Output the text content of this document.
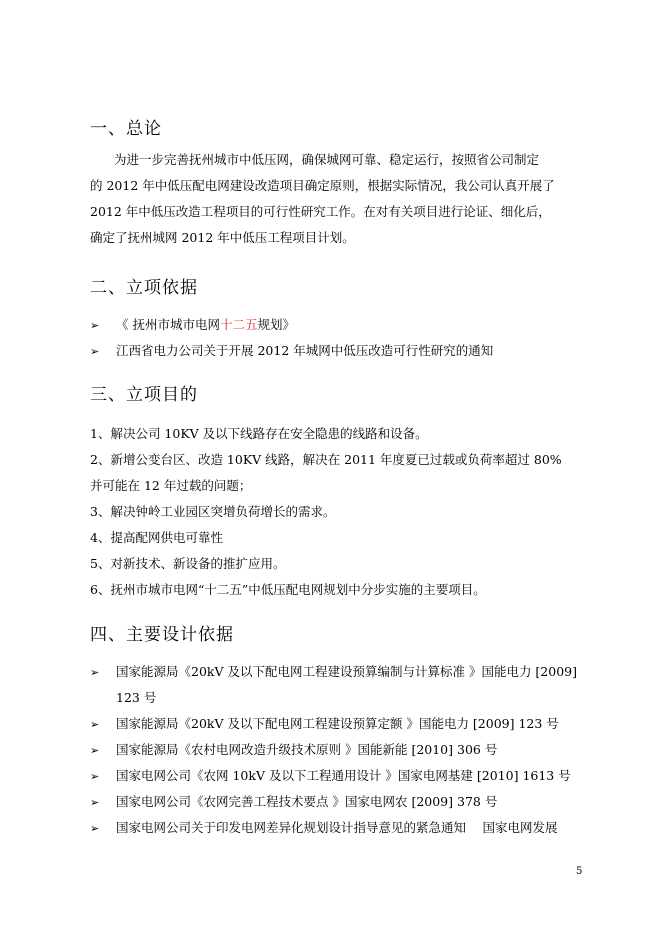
一、总论
为进一步完善抚州城市中低压网，确保城网可靠、稳定运行，按照省公司制定
的 2012 年中低压配电网建设改造项目确定原则，根据实际情况，我公司认真开展了
2012 年中低压改造工程项目的可行性研究工作。在对有关项目进行论证、细化后，
确定了抚州城网 2012 年中低压工程项目计划。
二、立项依据
➢ 《 抚州市城市电网十二五规划》
➢ 江西省电力公司关于开展 2012 年城网中低压改造可行性研究的通知
三、立项目的
1、解决公司 10KV 及以下线路存在安全隐患的线路和设备。
2、新增公变台区、改造 10KV 线路，解决在 2011 年度夏已过载或负荷率超过 80%
并可能在 12 年过载的问题；
3、解决钟岭工业园区突增负荷增长的需求。
4、提高配网供电可靠性
5、对新技术、新设备的推扩应用。
6、抚州市城市电网“十二五”中低压配电网规划中分步实施的主要项目。
四、主要设计依据
➢ 国家能源局《20kV 及以下配电网工程建设预算编制与计算标准 》国能电力 [2009]
123 号
➢ 国家能源局《20kV 及以下配电网工程建设预算定额 》国能电力 [2009] 123 号
➢ 国家能源局《农村电网改造升级技术原则 》国能新能 [2010] 306 号
➢ 国家电网公司《农网 10kV 及以下工程通用设计 》国家电网基建 [2010] 1613 号
➢ 国家电网公司《农网完善工程技术要点 》国家电网农 [2009] 378 号
➢ 国家电网公司关于印发电网差异化规划设计指导意见的紧急通知　 国家电网发展
5
